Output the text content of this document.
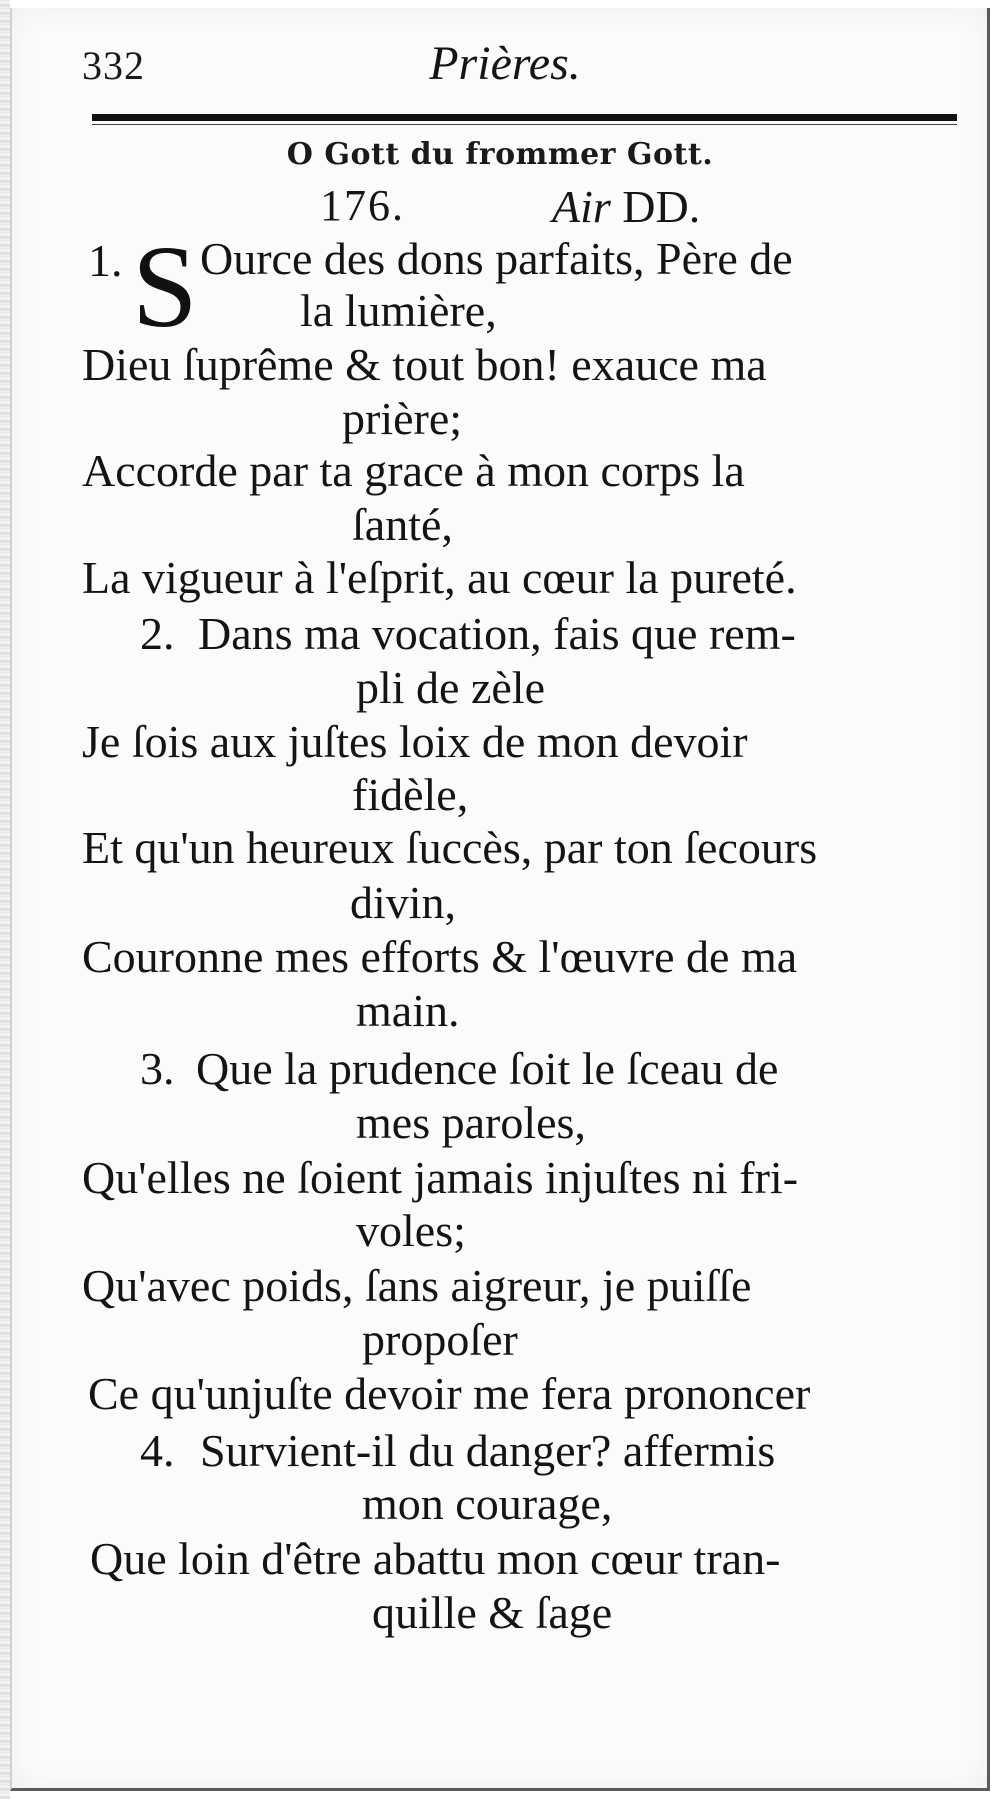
332	Prières.
O Gott du frommer Gott.
176.	Air DD.
1. S Ource des dons parfaits, Père de
la lumière,
Dieu ſuprême & tout bon! exauce ma
prière;
Accorde par ta grace à mon corps la
ſanté,
La vigueur à l'eſprit, au cœur la pureté.
2. Dans ma vocation, fais que rem-
pli de zèle
Je ſois aux juſtes loix de mon devoir
fidèle,
Et qu'un heureux ſuccès, par ton ſecours
divin,
Couronne mes efforts & l'œuvre de ma
main.
3. Que la prudence ſoit le ſceau de
mes paroles,
Qu'elles ne ſoient jamais injuſtes ni fri-
voles;
Qu'avec poids, ſans aigreur, je puiſſe
propoſer
Ce qu'unjuſte devoir me fera prononcer
4. Survient-il du danger? affermis
mon courage,
Que loin d'être abattu mon cœur tran-
quille & ſage
